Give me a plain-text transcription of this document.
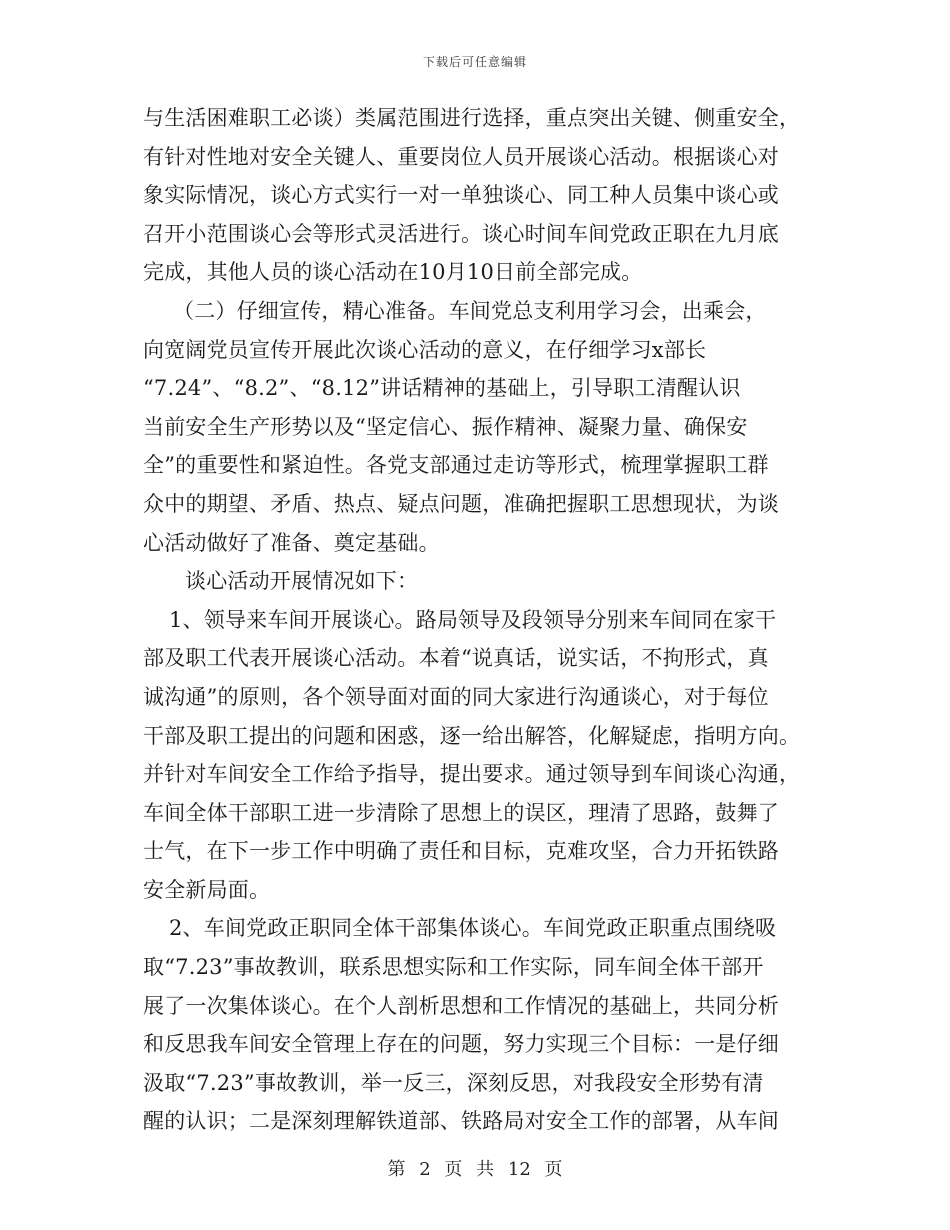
下载后可任意编辑
与生活困难职工必谈）类属范围进行选择，重点突出关键、侧重安全，
有针对性地对安全关键人、重要岗位人员开展谈心活动。根据谈心对
象实际情况，谈心方式实行一对一单独谈心、同工种人员集中谈心或
召开小范围谈心会等形式灵活进行。谈心时间车间党政正职在九月底
完成，其他人员的谈心活动在10月10日前全部完成。
（二）仔细宣传，精心准备。车间党总支利用学习会，出乘会，
向宽阔党员宣传开展此次谈心活动的意义，在仔细学习x部长
“7.24”、“8.2”、“8.12”讲话精神的基础上，引导职工清醒认识
当前安全生产形势以及“坚定信心、振作精神、凝聚力量、确保安
全”的重要性和紧迫性。各党支部通过走访等形式，梳理掌握职工群
众中的期望、矛盾、热点、疑点问题，准确把握职工思想现状，为谈
心活动做好了准备、奠定基础。
谈心活动开展情况如下：
1、领导来车间开展谈心。路局领导及段领导分别来车间同在家干
部及职工代表开展谈心活动。本着“说真话，说实话，不拘形式，真
诚沟通”的原则，各个领导面对面的同大家进行沟通谈心，对于每位
干部及职工提出的问题和困惑，逐一给出解答，化解疑虑，指明方向。
并针对车间安全工作给予指导，提出要求。通过领导到车间谈心沟通，
车间全体干部职工进一步清除了思想上的误区，理清了思路，鼓舞了
士气，在下一步工作中明确了责任和目标，克难攻坚，合力开拓铁路
安全新局面。
2、车间党政正职同全体干部集体谈心。车间党政正职重点围绕吸
取“7.23”事故教训，联系思想实际和工作实际，同车间全体干部开
展了一次集体谈心。在个人剖析思想和工作情况的基础上，共同分析
和反思我车间安全管理上存在的问题，努力实现三个目标：一是仔细
汲取“7.23”事故教训，举一反三，深刻反思，对我段安全形势有清
醒的认识；二是深刻理解铁道部、铁路局对安全工作的部署，从车间
第 2 页 共 12 页
